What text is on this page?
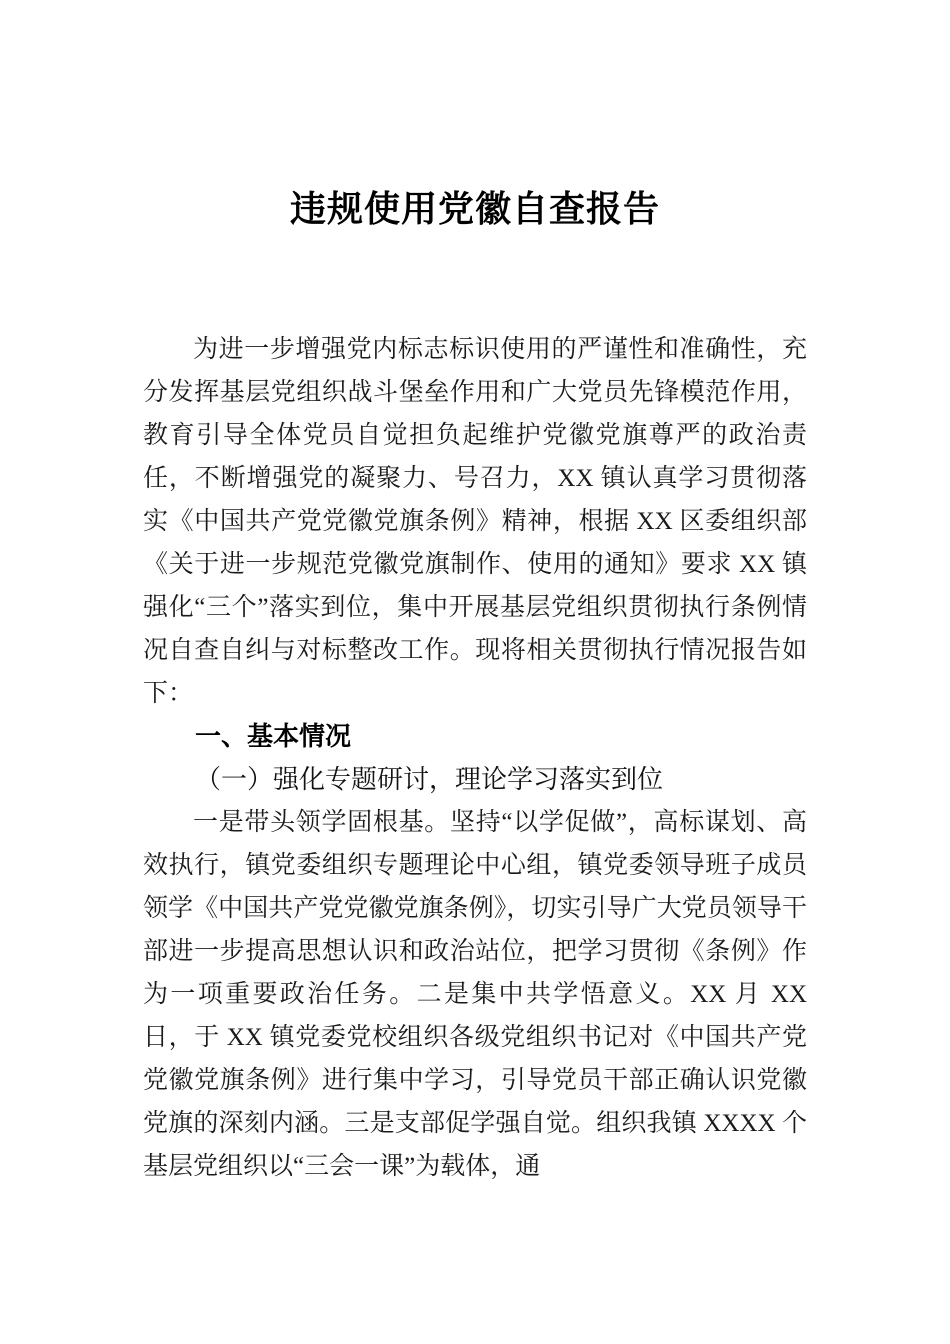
违规使用党徽自查报告

为进一步增强党内标志标识使用的严谨性和准确性，充分发挥基层党组织战斗堡垒作用和广大党员先锋模范作用，教育引导全体党员自觉担负起维护党徽党旗尊严的政治责任，不断增强党的凝聚力、号召力，XX 镇认真学习贯彻落实《中国共产党党徽党旗条例》精神，根据 XX 区委组织部《关于进一步规范党徽党旗制作、使用的通知》要求 XX 镇强化“三个”落实到位，集中开展基层党组织贯彻执行条例情况自查自纠与对标整改工作。现将相关贯彻执行情况报告如下：

一、基本情况

（一）强化专题研讨，理论学习落实到位

一是带头领学固根基。坚持“以学促做”，高标谋划、高效执行，镇党委组织专题理论中心组，镇党委领导班子成员领学《中国共产党党徽党旗条例》，切实引导广大党员领导干部进一步提高思想认识和政治站位，把学习贯彻《条例》作为一项重要政治任务。二是集中共学悟意义。XX 月 XX 日，于 XX 镇党委党校组织各级党组织书记对《中国共产党党徽党旗条例》进行集中学习，引导党员干部正确认识党徽党旗的深刻内涵。三是支部促学强自觉。组织我镇 XXXX 个基层党组织以“三会一课”为载体，通
